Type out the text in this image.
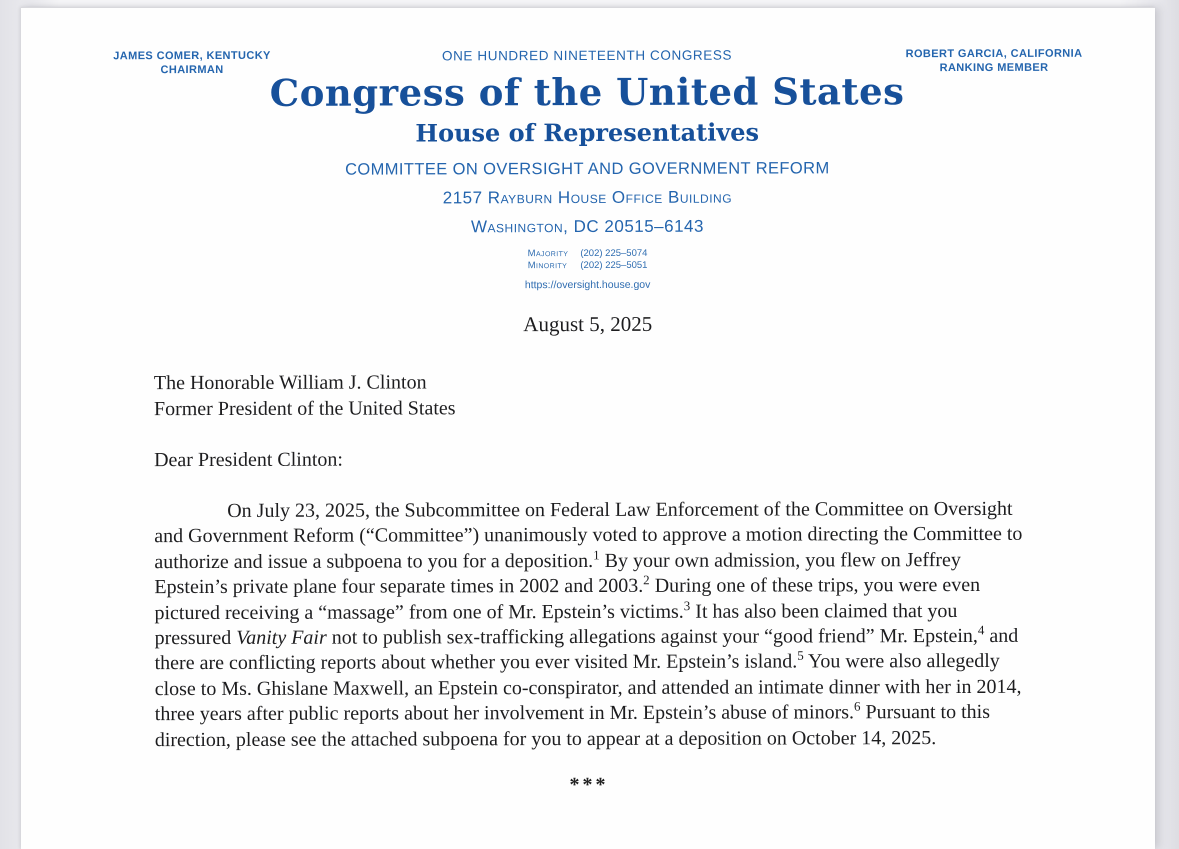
JAMES COMER, KENTUCKY
CHAIRMAN
ROBERT GARCIA, CALIFORNIA
RANKING MEMBER
ONE HUNDRED NINETEENTH CONGRESS
Congress of the United States
House of Representatives
COMMITTEE ON OVERSIGHT AND GOVERNMENT REFORM
2157 Rayburn House Office Building
Washington, DC 20515–6143
Majority (202) 225–5074
Minority (202) 225–5051
https://oversight.house.gov
August 5, 2025
The Honorable William J. Clinton
Former President of the United States
Dear President Clinton:

On July 23, 2025, the Subcommittee on Federal Law Enforcement of the Committee on Oversight and Government Reform (“Committee”) unanimously voted to approve a motion directing the Committee to authorize and issue a subpoena to you for a deposition.$^1$ By your own admission, you flew on Jeffrey Epstein’s private plane four separate times in 2002 and 2003.$^2$ During one of these trips, you were even pictured receiving a “massage” from one of Mr. Epstein’s victims.$^3$ It has also been claimed that you pressured Vanity Fair not to publish sex-trafficking allegations against your “good friend” Mr. Epstein,$^4$ and there are conflicting reports about whether you ever visited Mr. Epstein’s island.$^5$ You were also allegedly close to Ms. Ghislane Maxwell, an Epstein co-conspirator, and attended an intimate dinner with her in 2014, three years after public reports about her involvement in Mr. Epstein’s abuse of minors.$^6$ Pursuant to this direction, please see the attached subpoena for you to appear at a deposition on October 14, 2025.

***
